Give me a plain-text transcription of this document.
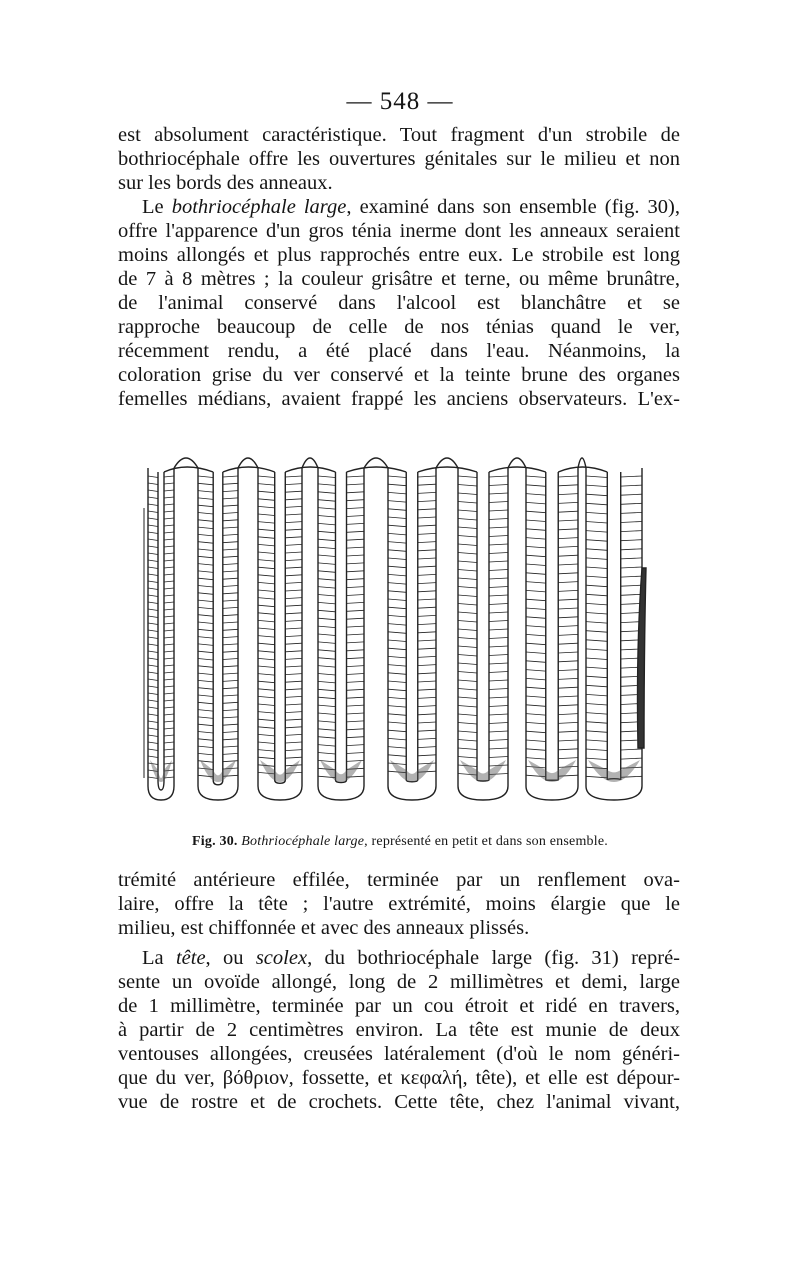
— 548 —
est absolument caractéristique. Tout fragment d'un strobile de
bothriocéphale offre les ouvertures génitales sur le milieu et non
sur les bords des anneaux.
Le bothriocéphale large, examiné dans son ensemble (fig. 30),
offre l'apparence d'un gros ténia inerme dont les anneaux seraient
moins allongés et plus rapprochés entre eux. Le strobile est long
de 7 à 8 mètres ; la couleur grisâtre et terne, ou même brunâtre,
de l'animal conservé dans l'alcool est blanchâtre et se
rapproche beaucoup de celle de nos ténias quand le ver,
récemment rendu, a été placé dans l'eau. Néanmoins, la
coloration grise du ver conservé et la teinte brune des organes
femelles médians, avaient frappé les anciens observateurs. L'ex-
Fig. 30. Bothriocéphale large, représenté en petit et dans son ensemble.
trémité antérieure effilée, terminée par un renflement ova-
laire, offre la tête ; l'autre extrémité, moins élargie que le
milieu, est chiffonnée et avec des anneaux plissés.
La tête, ou scolex, du bothriocéphale large (fig. 31) repré-
sente un ovoïde allongé, long de 2 millimètres et demi, large
de 1 millimètre, terminée par un cou étroit et ridé en travers,
à partir de 2 centimètres environ. La tête est munie de deux
ventouses allongées, creusées latéralement (d'où le nom généri-
que du ver, βόθριον, fossette, et κεφαλή, tête), et elle est dépour-
vue de rostre et de crochets. Cette tête, chez l'animal vivant,
